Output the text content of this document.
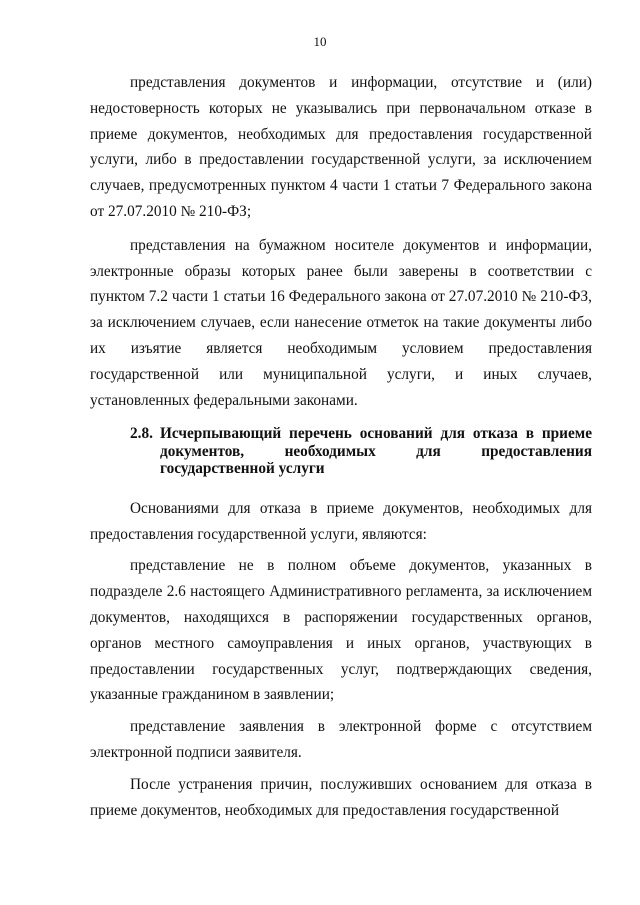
10

представления документов и информации, отсутствие и (или) недостоверность которых не указывались при первоначальном отказе в приеме документов, необходимых для предоставления государственной услуги, либо в предоставлении государственной услуги, за исключением случаев, предусмотренных пунктом 4 части 1 статьи 7 Федерального закона от 27.07.2010 № 210-ФЗ;

представления на бумажном носителе документов и информации, электронные образы которых ранее были заверены в соответствии с пунктом 7.2 части 1 статьи 16 Федерального закона от 27.07.2010 № 210-ФЗ, за исключением случаев, если нанесение отметок на такие документы либо их изъятие является необходимым условием предоставления государственной или муниципальной услуги, и иных случаев, установленных федеральными законами.

2.8. Исчерпывающий перечень оснований для отказа в приеме документов, необходимых для предоставления государственной услуги

Основаниями для отказа в приеме документов, необходимых для предоставления государственной услуги, являются:

представление не в полном объеме документов, указанных в подразделе 2.6 настоящего Административного регламента, за исключением документов, находящихся в распоряжении государственных органов, органов местного самоуправления и иных органов, участвующих в предоставлении государственных услуг, подтверждающих сведения, указанные гражданином в заявлении;

представление заявления в электронной форме с отсутствием электронной подписи заявителя.

После устранения причин, послуживших основанием для отказа в приеме документов, необходимых для предоставления государственной
